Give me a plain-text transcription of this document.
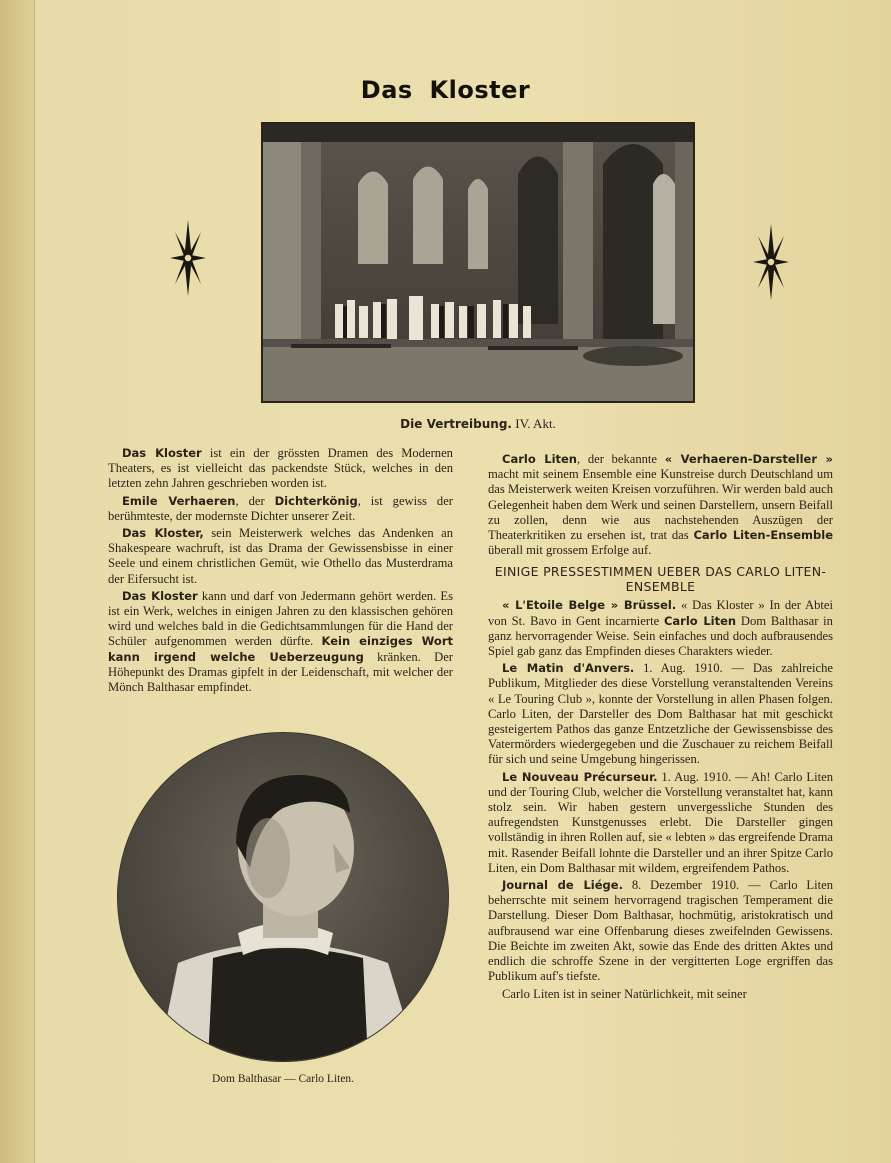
Das Kloster
Die Vertreibung. IV. Akt.

Das Kloster ist ein der grössten Dramen des Modernen Theaters, es ist vielleicht das packendste Stück, welches in den letzten zehn Jahren geschrieben worden ist.

Emile Verhaeren, der Dichterkönig, ist gewiss der berühmteste, der modernste Dichter unserer Zeit.

Das Kloster, sein Meisterwerk welches das Andenken an Shakespeare wachruft, ist das Drama der Gewissensbisse in einer Seele und einem christlichen Gemüt, wie Othello das Musterdrama der Eifersucht ist.

Das Kloster kann und darf von Jedermann gehört werden. Es ist ein Werk, welches in einigen Jahren zu den klassischen gehören wird und welches bald in die Gedichtsammlungen für die Hand der Schüler aufgenommen werden dürfte. Kein einziges Wort kann irgend welche Ueberzeugung kränken. Der Höhepunkt des Dramas gipfelt in der Leidenschaft, mit welcher der Mönch Balthasar empfindet.

Dom Balthasar — Carlo Liten.

Carlo Liten, der bekannte « Verhaeren-Darsteller » macht mit seinem Ensemble eine Kunstreise durch Deutschland um das Meisterwerk weiten Kreisen vorzuführen. Wir werden bald auch Gelegenheit haben dem Werk und seinen Darstellern, unsern Beifall zu zollen, denn wie aus nachstehenden Auszügen der Theaterkritiken zu ersehen ist, trat das Carlo Liten-Ensemble überall mit grossem Erfolge auf.

EINIGE PRESSESTIMMEN UEBER DAS CARLO LITEN-ENSEMBLE

« L'Etoile Belge » Brüssel. « Das Kloster » In der Abtei von St. Bavo in Gent incarnierte Carlo Liten Dom Balthasar in ganz hervorragender Weise. Sein einfaches und doch aufbrausendes Spiel gab ganz das Empfinden dieses Charakters wieder.

Le Matin d'Anvers. 1. Aug. 1910. — Das zahlreiche Publikum, Mitglieder des diese Vorstellung veranstaltenden Vereins « Le Touring Club », konnte der Vorstellung in allen Phasen folgen. Carlo Liten, der Darsteller des Dom Balthasar hat mit geschickt gesteigertem Pathos das ganze Entzetzliche der Gewissensbisse des Vatermörders wiedergegeben und die Zuschauer zu reichem Beifall für sich und seine Umgebung hingerissen.

Le Nouveau Précurseur. 1. Aug. 1910. — Ah! Carlo Liten und der Touring Club, welcher die Vorstellung veranstaltet hat, kann stolz sein. Wir haben gestern unvergessliche Stunden des aufregendsten Kunstgenusses erlebt. Die Darsteller gingen vollständig in ihren Rollen auf, sie « lebten » das ergreifende Drama mit. Rasender Beifall lohnte die Darsteller und an ihrer Spitze Carlo Liten, ein Dom Balthasar mit wildem, ergreifendem Pathos.

Journal de Liége. 8. Dezember 1910. — Carlo Liten beherrschte mit seinem hervorragend tragischen Temperament die Darstellung. Dieser Dom Balthasar, hochmütig, aristokratisch und aufbrausend war eine Offenbarung dieses zweifelnden Gewissens. Die Beichte im zweiten Akt, sowie das Ende des dritten Aktes und endlich die schroffe Szene in der vergitterten Loge ergriffen das Publikum auf's tiefste.

Carlo Liten ist in seiner Natürlichkeit, mit seiner
